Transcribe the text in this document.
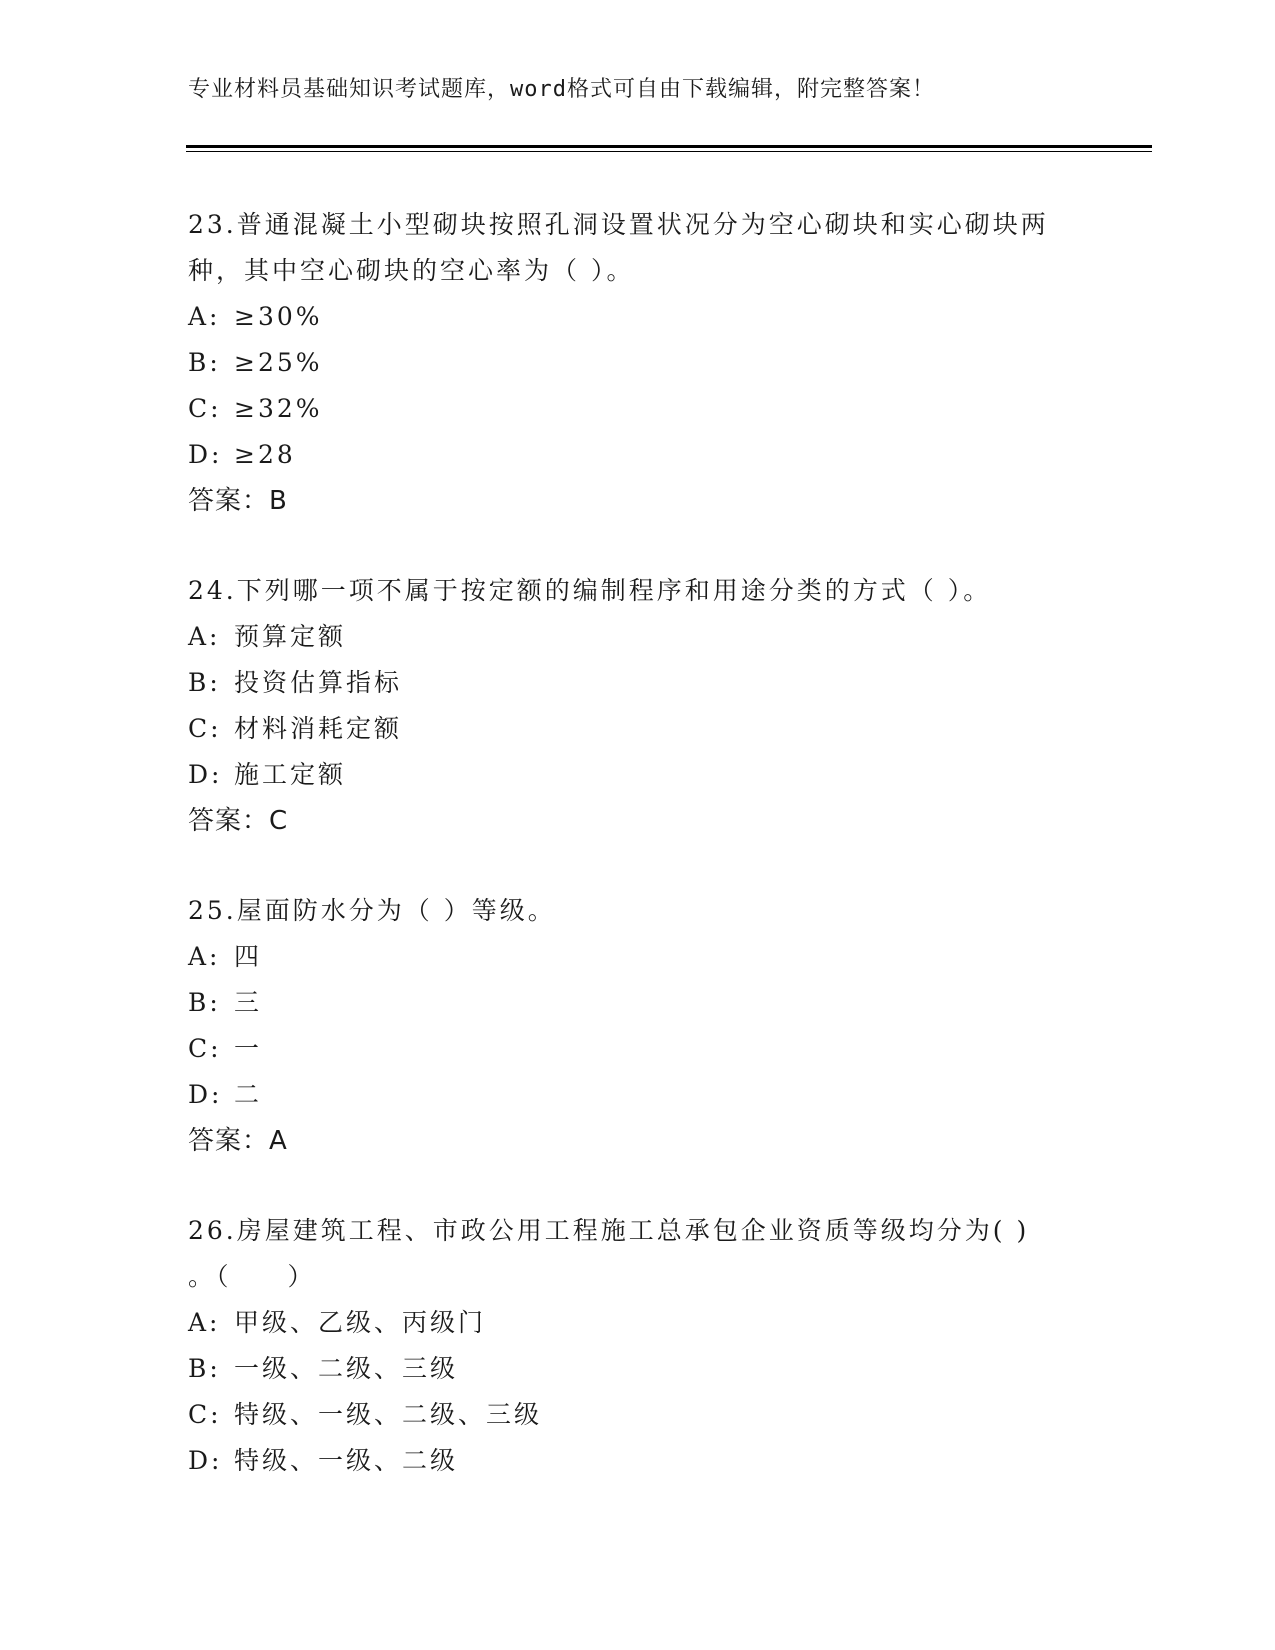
专业材料员基础知识考试题库，word格式可自由下载编辑，附完整答案！
23.普通混凝土小型砌块按照孔洞设置状况分为空心砌块和实心砌块两
种，其中空心砌块的空心率为（ ）。
A: ≥30%
B: ≥25%
C: ≥32%
D: ≥28
答案：B
24.下列哪一项不属于按定额的编制程序和用途分类的方式（ ）。
A: 预算定额
B: 投资估算指标
C: 材料消耗定额
D: 施工定额
答案：C
25.屋面防水分为（ ）等级。
A: 四
B: 三
C: 一
D: 二
答案：A
26.房屋建筑工程、市政公用工程施工总承包企业资质等级均分为( )
。（　　）
A: 甲级、乙级、丙级门
B: 一级、二级、三级
C: 特级、一级、二级、三级
D: 特级、一级、二级
